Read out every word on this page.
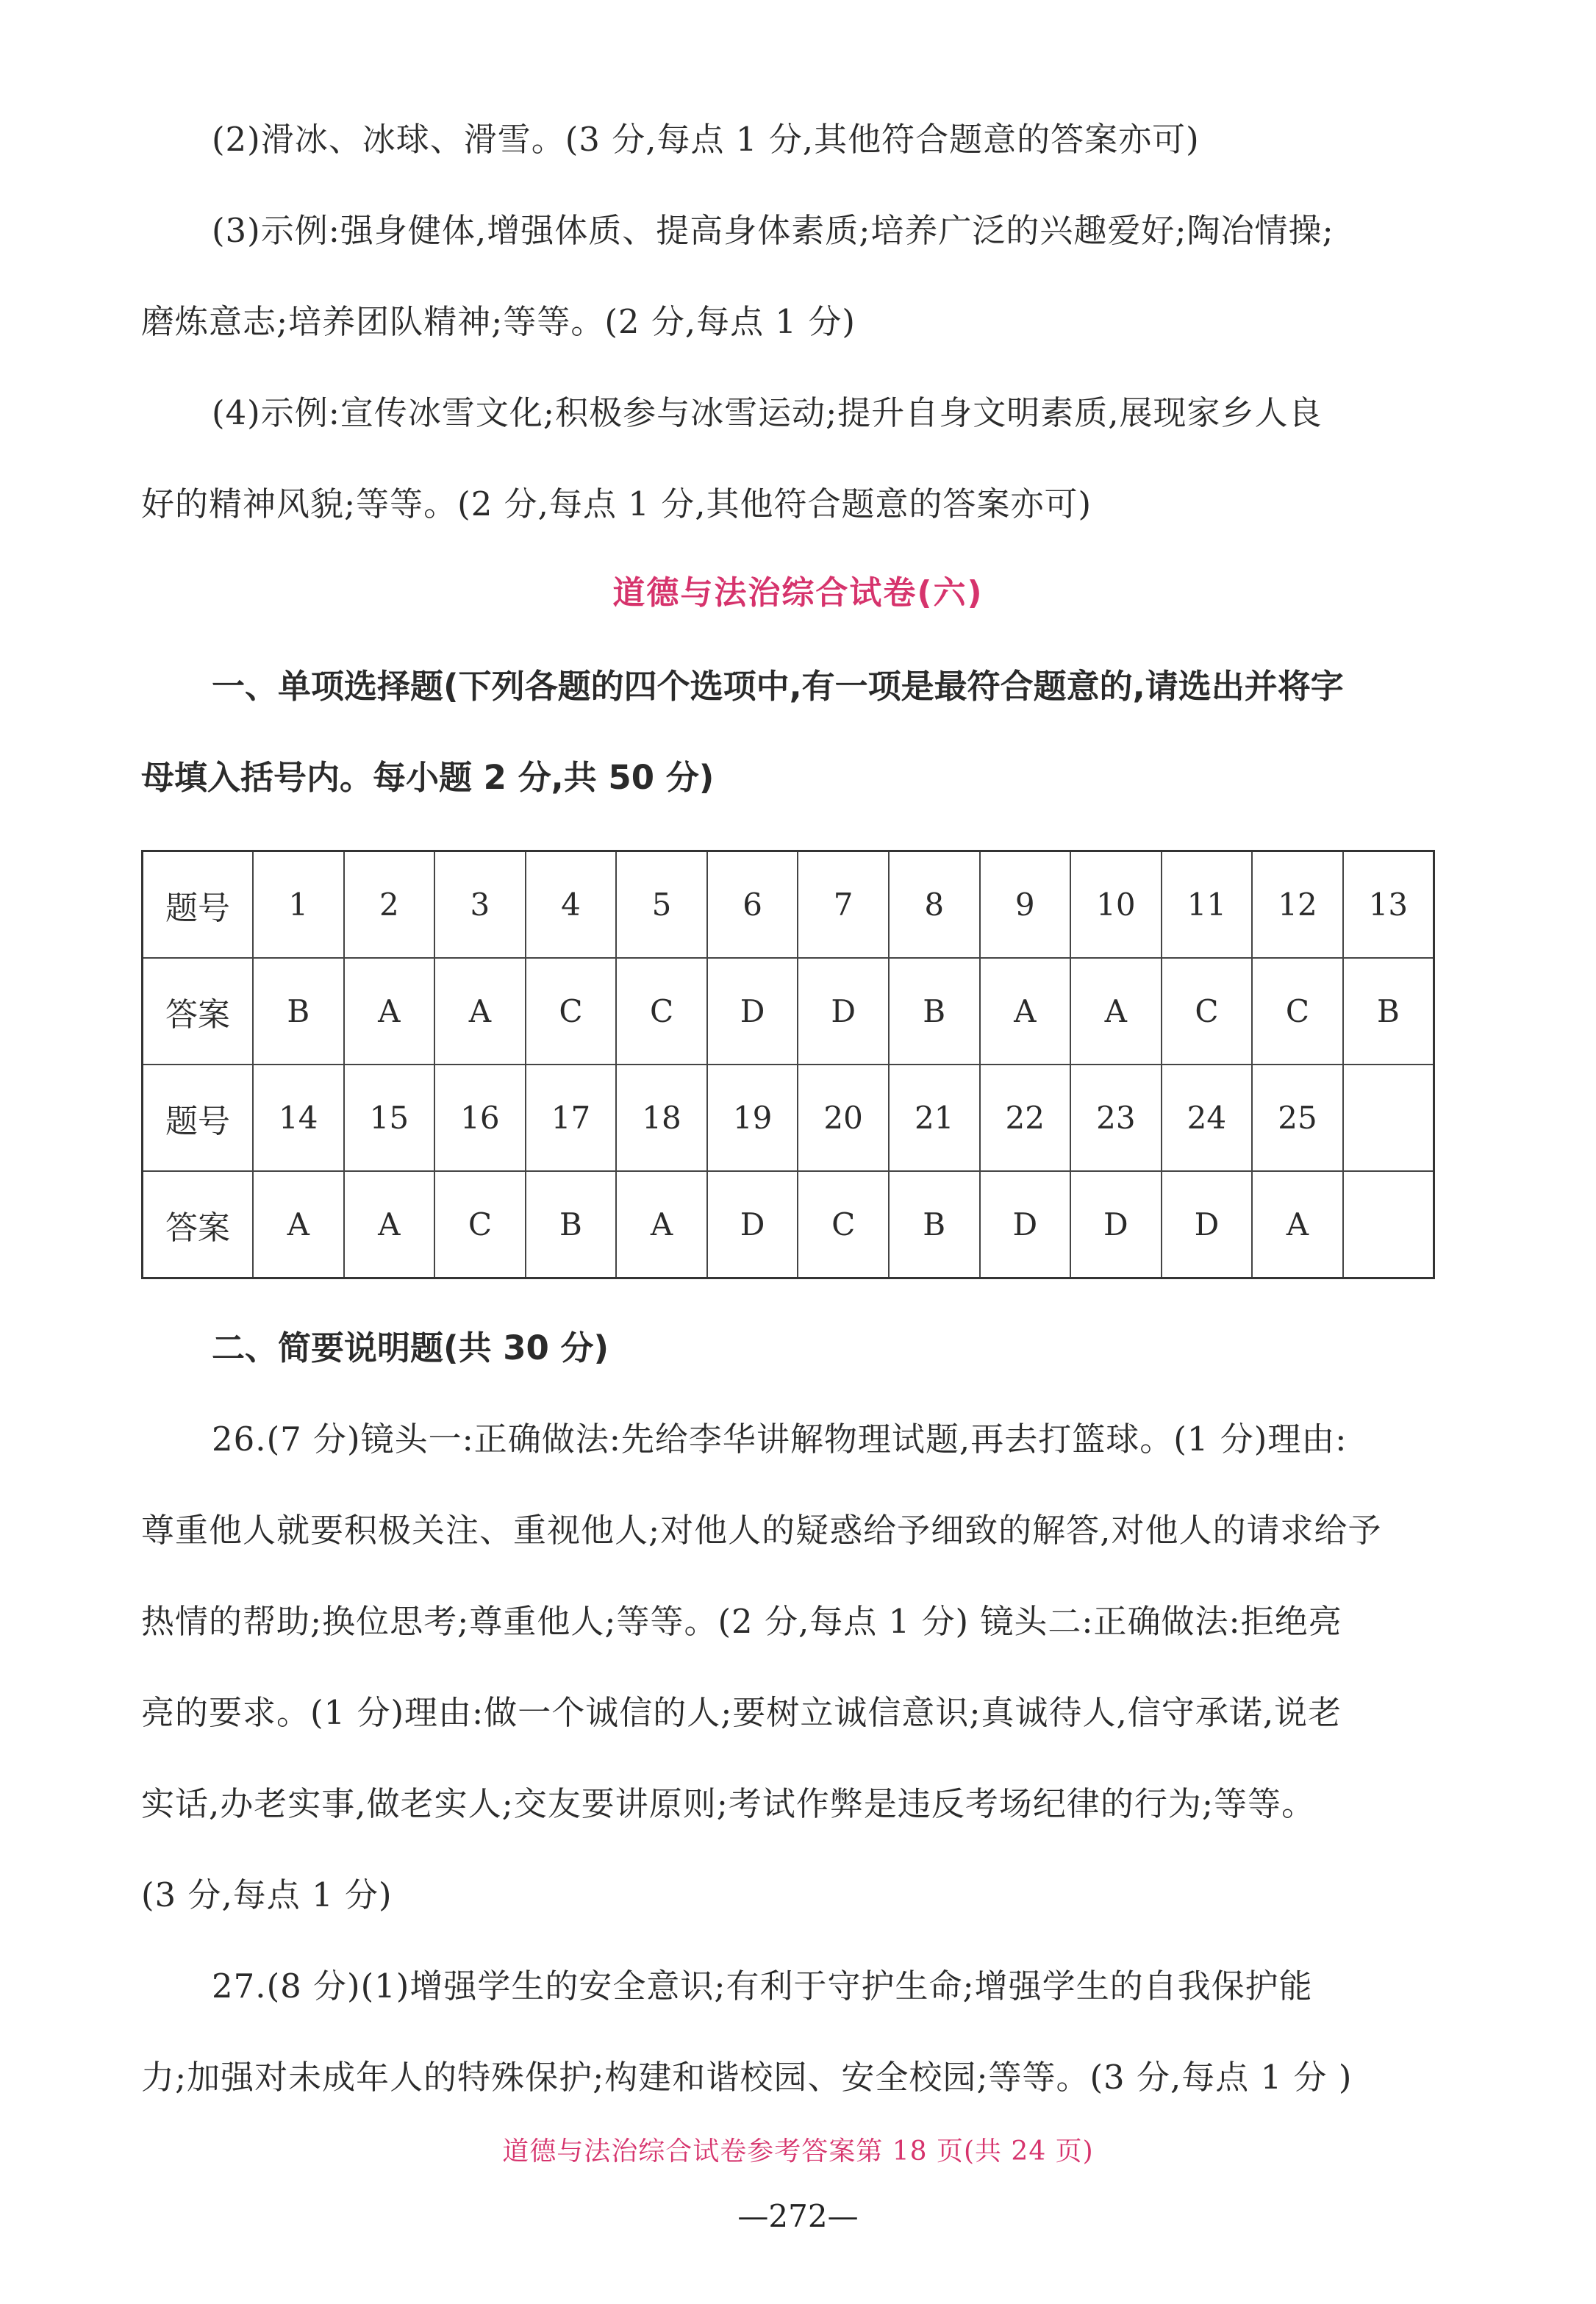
(2)滑冰、冰球、滑雪。(3 分,每点 1 分,其他符合题意的答案亦可)

(3)示例:强身健体,增强体质、提高身体素质;培养广泛的兴趣爱好;陶冶情操;

磨炼意志;培养团队精神;等等。(2 分,每点 1 分)

(4)示例:宣传冰雪文化;积极参与冰雪运动;提升自身文明素质,展现家乡人良

好的精神风貌;等等。(2 分,每点 1 分,其他符合题意的答案亦可)

道德与法治综合试卷(六)
一、单项选择题(下列各题的四个选项中,有一项是最符合题意的,请选出并将字
母填入括号内。每小题 2 分,共 50 分)
题号	1	2	3	4	5	6	7	8	9	10	11	12	13
答案	B	A	A	C	C	D	D	B	A	A	C	C	B
题号	14	15	16	17	18	19	20	21	22	23	24	25	
答案	A	A	C	B	A	D	C	B	D	D	D	A	
二、简要说明题(共 30 分)

26.(7 分)镜头一:正确做法:先给李华讲解物理试题,再去打篮球。(1 分)理由:

尊重他人就要积极关注、重视他人;对他人的疑惑给予细致的解答,对他人的请求给予

热情的帮助;换位思考;尊重他人;等等。(2 分,每点 1 分) 镜头二:正确做法:拒绝亮

亮的要求。(1 分)理由:做一个诚信的人;要树立诚信意识;真诚待人,信守承诺,说老

实话,办老实事,做老实人;交友要讲原则;考试作弊是违反考场纪律的行为;等等。

(3 分,每点 1 分)

27.(8 分)(1)增强学生的安全意识;有利于守护生命;增强学生的自我保护能

力;加强对未成年人的特殊保护;构建和谐校园、安全校园;等等。(3 分,每点 1 分 )

道德与法治综合试卷参考答案第 18 页(共 24 页)
—272—
